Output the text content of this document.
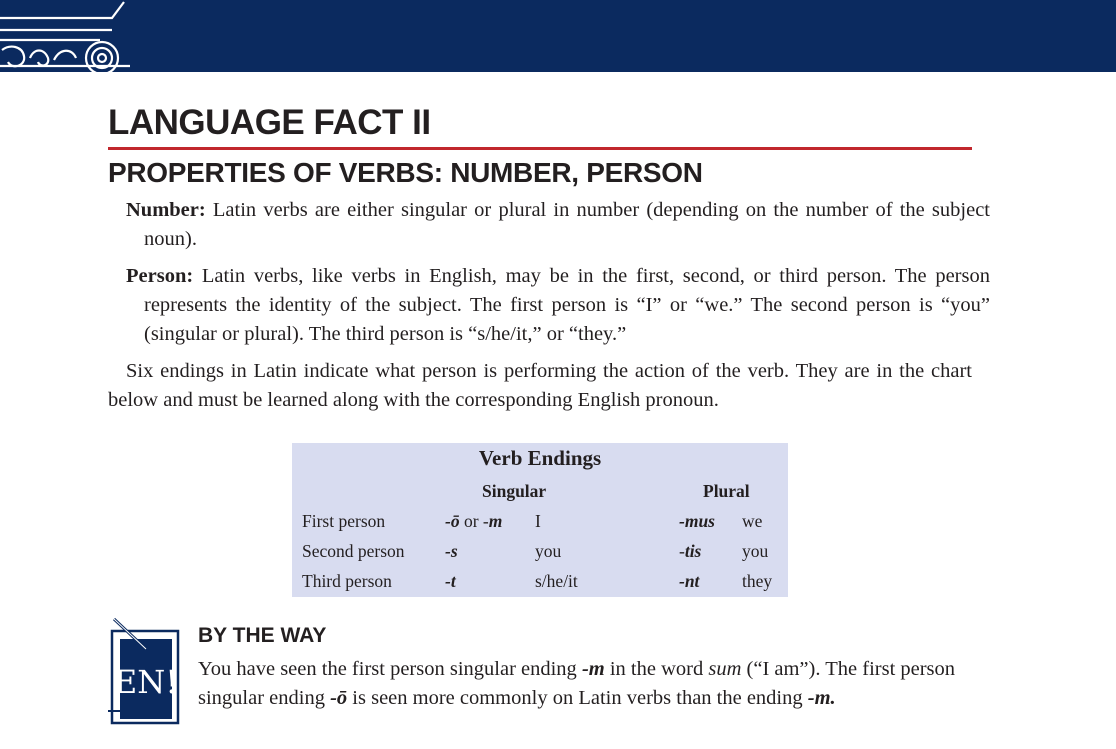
LANGUAGE FACT II
PROPERTIES OF VERBS: NUMBER, PERSON

Number: Latin verbs are either singular or plural in number (depending on the number of the subject noun).

Person: Latin verbs, like verbs in English, may be in the first, second, or third person. The person represents the identity of the subject. The first person is “I” or “we.” The second person is “you” (singular or plural). The third person is “s/he/it,” or “they.”

Six endings in Latin indicate what person is performing the action of the verb. They are in the chart below and must be learned along with the corresponding English pronoun.

Verb Endings
Singular	Plural
First person	-ō or -m I	-mus we
Second person -s	you	-tis you
Third person	-t	s/he/it	-nt they
EN!
BY THE WAY

You have seen the first person singular ending -m in the word sum (“I am”). The first person singular ending -ō is seen more commonly on Latin verbs than the ending -m.
